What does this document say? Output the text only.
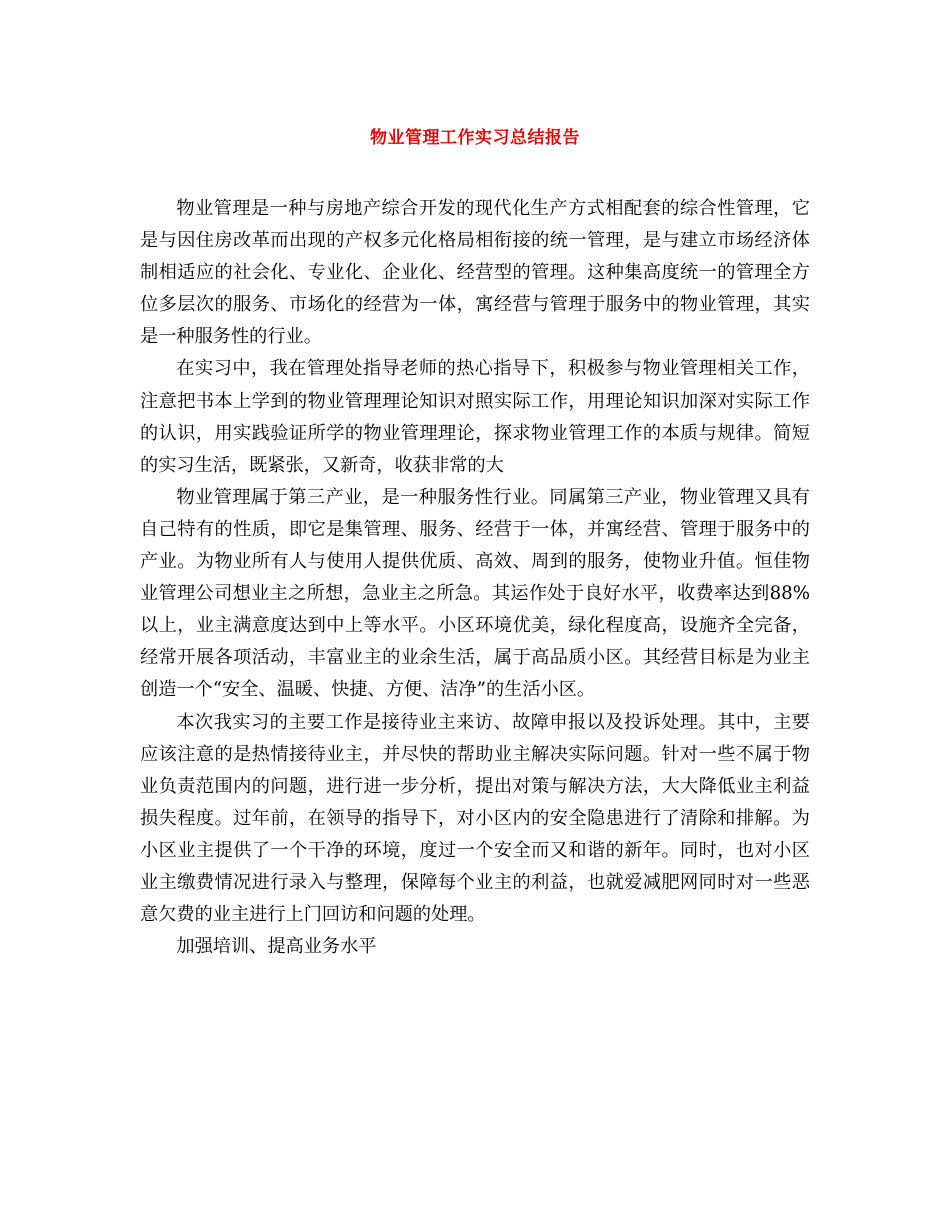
物业管理工作实习总结报告

物业管理是一种与房地产综合开发的现代化生产方式相配套的综合性管理，它是与因住房改革而出现的产权多元化格局相衔接的统一管理，是与建立市场经济体制相适应的社会化、专业化、企业化、经营型的管理。这种集高度统一的管理全方位多层次的服务、市场化的经营为一体，寓经营与管理于服务中的物业管理，其实是一种服务性的行业。

在实习中，我在管理处指导老师的热心指导下，积极参与物业管理相关工作，注意把书本上学到的物业管理理论知识对照实际工作，用理论知识加深对实际工作的认识，用实践验证所学的物业管理理论，探求物业管理工作的本质与规律。简短的实习生活，既紧张，又新奇，收获非常的大

物业管理属于第三产业，是一种服务性行业。同属第三产业，物业管理又具有自己特有的性质，即它是集管理、服务、经营于一体，并寓经营、管理于服务中的产业。为物业所有人与使用人提供优质、高效、周到的服务，使物业升值。恒佳物业管理公司想业主之所想，急业主之所急。其运作处于良好水平，收费率达到88%以上，业主满意度达到中上等水平。小区环境优美，绿化程度高，设施齐全完备，经常开展各项活动，丰富业主的业余生活，属于高品质小区。其经营目标是为业主创造一个“安全、温暖、快捷、方便、洁净”的生活小区。

本次我实习的主要工作是接待业主来访、故障申报以及投诉处理。其中，主要应该注意的是热情接待业主，并尽快的帮助业主解决实际问题。针对一些不属于物业负责范围内的问题，进行进一步分析，提出对策与解决方法，大大降低业主利益损失程度。过年前，在领导的指导下，对小区内的安全隐患进行了清除和排解。为小区业主提供了一个干净的环境，度过一个安全而又和谐的新年。同时，也对小区业主缴费情况进行录入与整理，保障每个业主的利益，也就爱减肥网同时对一些恶意欠费的业主进行上门回访和问题的处理。

加强培训、提高业务水平
